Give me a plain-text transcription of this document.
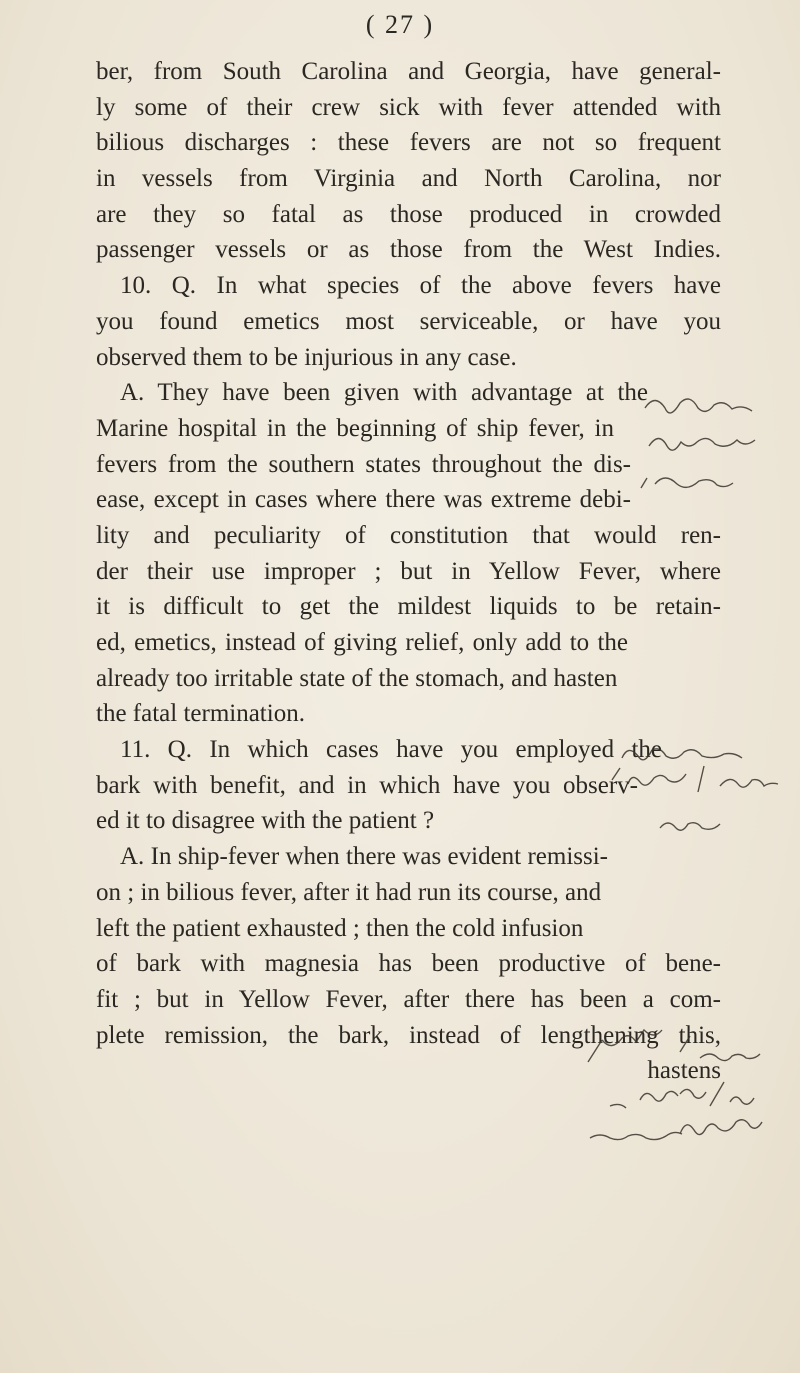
( 27 )
ber, from South Carolina and Georgia, have general-
ly some of their crew sick with fever attended with
bilious discharges : these fevers are not so frequent
in vessels from Virginia and North Carolina, nor
are they so fatal as those produced in crowded
passenger vessels or as those from the West Indies.
10. Q. In what species of the above fevers have
you found emetics most serviceable, or have you
observed them to be injurious in any case.
A. They have been given with advantage at the
Marine hospital in the beginning of ship fever, in
fevers from the southern states throughout the dis-
ease, except in cases where there was extreme debi-
lity and peculiarity of constitution that would ren-
der their use improper ; but in Yellow Fever, where
it is difficult to get the mildest liquids to be retain-
ed, emetics, instead of giving relief, only add to the
already too irritable state of the stomach, and hasten
the fatal termination.
11. Q. In which cases have you employed the
bark with benefit, and in which have you observ-
ed it to disagree with the patient ?
A. In ship-fever when there was evident remissi-
on ; in bilious fever, after it had run its course, and
left the patient exhausted ; then the cold infusion
of bark with magnesia has been productive of bene-
fit ; but in Yellow Fever, after there has been a com-
plete remission, the bark, instead of lengthening this,
hastens
